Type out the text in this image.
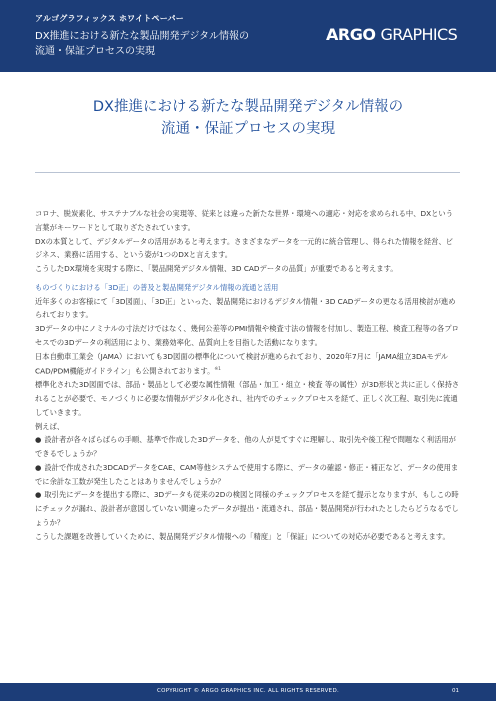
アルゴグラフィックス ホワイトペーパー
DX推進における新たな製品開発デジタル情報の
流通・保証プロセスの実現
ARGO GRAPHICS
DX推進における新たな製品開発デジタル情報の
流通・保証プロセスの実現

コロナ、脱炭素化、サステナブルな社会の実現等、従来とは違った新たな世界・環境への適応・対応を求められる中、DXという言葉がキーワードとして取りざたされています。

DXの本質として、デジタルデータの活用があると考えます。さまざまなデータを一元的に統合管理し、得られた情報を経営、ビジネス、業務に活用する、という姿が1つのDXと言えます。

こうしたDX環境を実現する際に、「製品開発デジタル情報、3D CADデータの品質」が重要であると考えます。

ものづくりにおける「3D正」の普及と製品開発デジタル情報の流通と活用

近年多くのお客様にて「3D図面」、「3D正」といった、製品開発におけるデジタル情報・3D CADデータの更なる活用検討が進められております。

3Dデータの中にノミナルの寸法だけではなく、幾何公差等のPMI情報や検査寸法の情報を付加し、製造工程、検査工程等の各プロセスでの3Dデータの利活用により、業務効率化、品質向上を目指した活動になります。

日本自動車工業会（JAMA）においても3D図面の標準化について検討が進められており、2020年7月に「JAMA組立3DAモデルCAD/PDM機能ガイドライン」も公開されております。$^{※1}$

標準化された3D図面では、部品・製品として必要な属性情報（部品・加工・組立・検査 等の属性）が3D形状と共に正しく保持されることが必要で、モノづくりに必要な情報がデジタル化され、社内でのチェックプロセスを経て、正しく次工程、取引先に流通していきます。

例えば、

● 設計者が各々ばらばらの手順、基準で作成した3Dデータを、他の人が見てすぐに理解し、取引先や後工程で問題なく利活用ができるでしょうか？

● 設計で作成された3DCADデータをCAE、CAM等他システムで使用する際に、データの確認・修正・補正など、データの使用までに余計な工数が発生したことはありませんでしょうか？

● 取引先にデータを提出する際に、3Dデータも従来の2Dの検図と同様のチェックプロセスを経て提示となりますが、もしこの時にチェックが漏れ、設計者が意図していない間違ったデータが提出・流通され、部品・製品開発が行われたとしたらどうなるでしょうか？

こうした課題を改善していくために、製品開発デジタル情報への「精度」と「保証」についての対応が必要であると考えます。

COPYRIGHT © ARGO GRAPHICS INC. ALL RIGHTS RESERVED.	01
